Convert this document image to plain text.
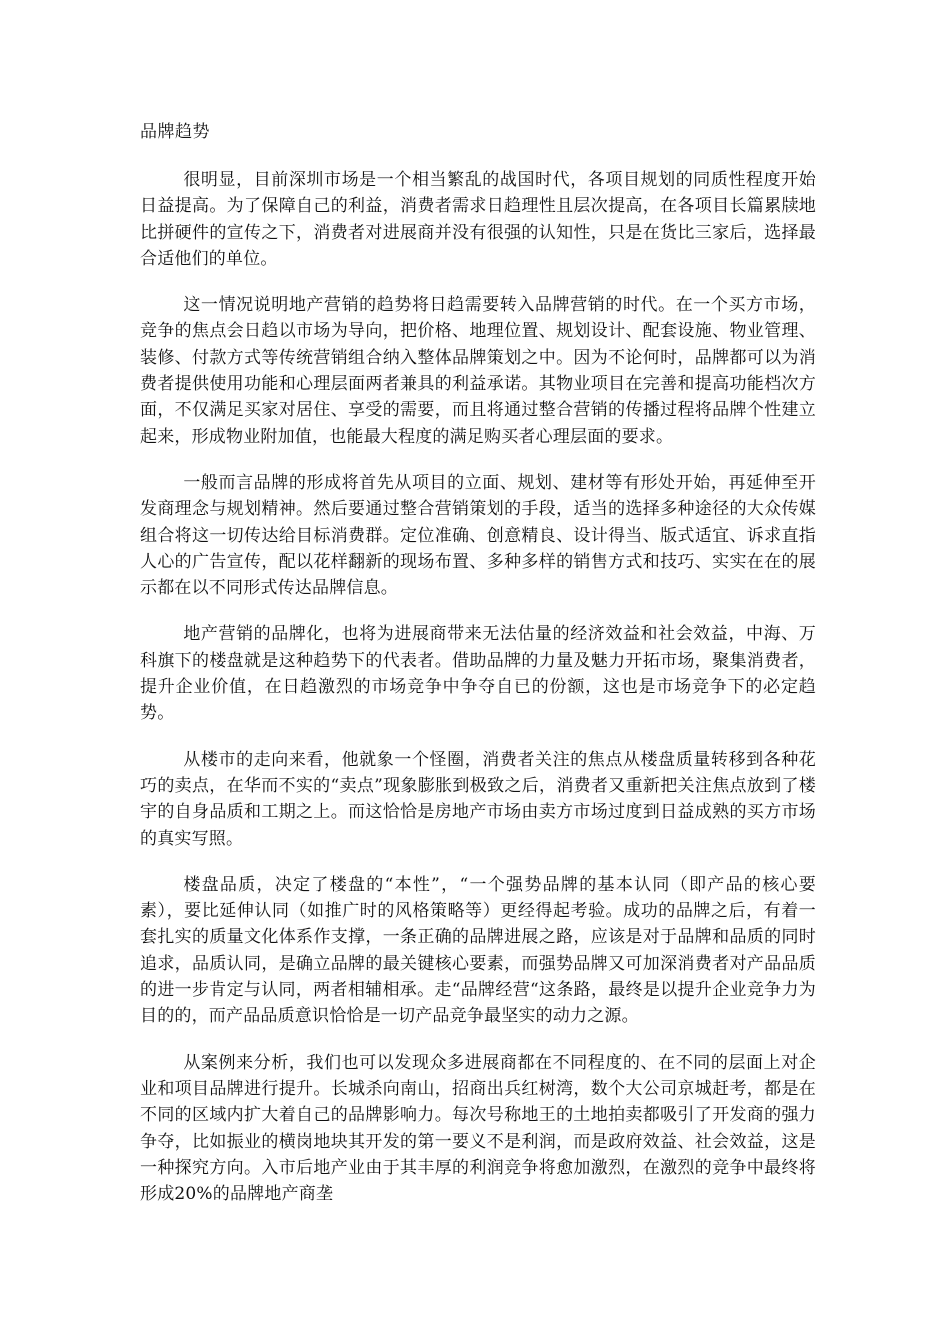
品牌趋势

很明显，目前深圳市场是一个相当繁乱的战国时代，各项目规划的同质性程度开始日益提高。为了保障自己的利益，消费者需求日趋理性且层次提高，在各项目长篇累牍地比拼硬件的宣传之下，消费者对进展商并没有很强的认知性，只是在货比三家后，选择最合适他们的单位。

这一情况说明地产营销的趋势将日趋需要转入品牌营销的时代。在一个买方市场，竞争的焦点会日趋以市场为导向，把价格、地理位置、规划设计、配套设施、物业管理、装修、付款方式等传统营销组合纳入整体品牌策划之中。因为不论何时，品牌都可以为消费者提供使用功能和心理层面两者兼具的利益承诺。其物业项目在完善和提高功能档次方面，不仅满足买家对居住、享受的需要，而且将通过整合营销的传播过程将品牌个性建立起来，形成物业附加值，也能最大程度的满足购买者心理层面的要求。

一般而言品牌的形成将首先从项目的立面、规划、建材等有形处开始，再延伸至开发商理念与规划精神。然后要通过整合营销策划的手段，适当的选择多种途径的大众传媒组合将这一切传达给目标消费群。定位准确、创意精良、设计得当、版式适宜、诉求直指人心的广告宣传，配以花样翻新的现场布置、多种多样的销售方式和技巧、实实在在的展示都在以不同形式传达品牌信息。

地产营销的品牌化，也将为进展商带来无法估量的经济效益和社会效益，中海、万科旗下的楼盘就是这种趋势下的代表者。借助品牌的力量及魅力开拓市场，聚集消费者，提升企业价值，在日趋激烈的市场竞争中争夺自已的份额，这也是市场竞争下的必定趋势。

从楼市的走向来看，他就象一个怪圈，消费者关注的焦点从楼盘质量转移到各种花巧的卖点，在华而不实的“卖点”现象膨胀到极致之后，消费者又重新把关注焦点放到了楼宇的自身品质和工期之上。而这恰恰是房地产市场由卖方市场过度到日益成熟的买方市场的真实写照。

楼盘品质，决定了楼盘的“本性”，“一个强势品牌的基本认同（即产品的核心要素），要比延伸认同（如推广时的风格策略等）更经得起考验。成功的品牌之后，有着一套扎实的质量文化体系作支撑，一条正确的品牌进展之路，应该是对于品牌和品质的同时追求，品质认同，是确立品牌的最关键核心要素，而强势品牌又可加深消费者对产品品质的进一步肯定与认同，两者相辅相承。走“品牌经营“这条路，最终是以提升企业竞争力为目的的，而产品品质意识恰恰是一切产品竞争最坚实的动力之源。

从案例来分析，我们也可以发现众多进展商都在不同程度的、在不同的层面上对企业和项目品牌进行提升。长城杀向南山，招商出兵红树湾，数个大公司京城赶考，都是在不同的区域内扩大着自己的品牌影响力。每次号称地王的土地拍卖都吸引了开发商的强力争夺，比如振业的横岗地块其开发的第一要义不是利润，而是政府效益、社会效益，这是一种探究方向。入市后地产业由于其丰厚的利润竞争将愈加激烈，在激烈的竞争中最终将形成20%的品牌地产商垄
